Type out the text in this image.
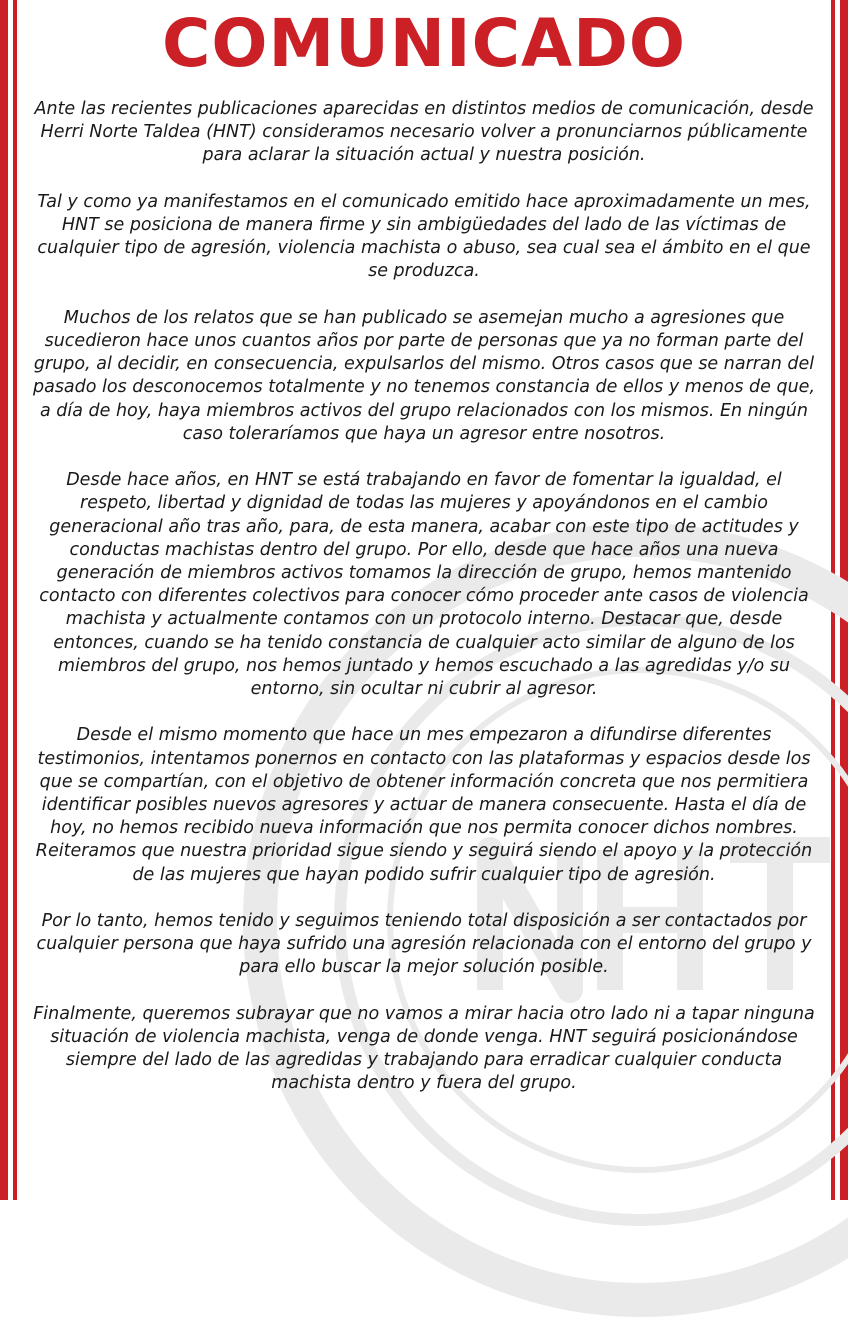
COMUNICADO

Ante las recientes publicaciones aparecidas en distintos medios de comunicación, desde Herri Norte Taldea (HNT) consideramos necesario volver a pronunciarnos públicamente para aclarar la situación actual y nuestra posición.

Tal y como ya manifestamos en el comunicado emitido hace aproximadamente un mes, HNT se posiciona de manera firme y sin ambigüedades del lado de las víctimas de cualquier tipo de agresión, violencia machista o abuso, sea cual sea el ámbito en el que se produzca.

Muchos de los relatos que se han publicado se asemejan mucho a agresiones que sucedieron hace unos cuantos años por parte de personas que ya no forman parte del grupo, al decidir, en consecuencia, expulsarlos del mismo. Otros casos que se narran del pasado los desconocemos totalmente y no tenemos constancia de ellos y menos de que, a día de hoy, haya miembros activos del grupo relacionados con los mismos. En ningún caso toleraríamos que haya un agresor entre nosotros.

Desde hace años, en HNT se está trabajando en favor de fomentar la igualdad, el respeto, libertad y dignidad de todas las mujeres y apoyándonos en el cambio generacional año tras año, para, de esta manera, acabar con este tipo de actitudes y conductas machistas dentro del grupo. Por ello, desde que hace años una nueva generación de miembros activos tomamos la dirección de grupo, hemos mantenido contacto con diferentes colectivos para conocer cómo proceder ante casos de violencia machista y actualmente contamos con un protocolo interno. Destacar que, desde entonces, cuando se ha tenido constancia de cualquier acto similar de alguno de los miembros del grupo, nos hemos juntado y hemos escuchado a las agredidas y/o su entorno, sin ocultar ni cubrir al agresor.

Desde el mismo momento que hace un mes empezaron a difundirse diferentes testimonios, intentamos ponernos en contacto con las plataformas y espacios desde los que se compartían, con el objetivo de obtener información concreta que nos permitiera identificar posibles nuevos agresores y actuar de manera consecuente. Hasta el día de hoy, no hemos recibido nueva información que nos permita conocer dichos nombres. Reiteramos que nuestra prioridad sigue siendo y seguirá siendo el apoyo y la protección de las mujeres que hayan podido sufrir cualquier tipo de agresión.

Por lo tanto, hemos tenido y seguimos teniendo total disposición a ser contactados por cualquier persona que haya sufrido una agresión relacionada con el entorno del grupo y para ello buscar la mejor solución posible.

Finalmente, queremos subrayar que no vamos a mirar hacia otro lado ni a tapar ninguna situación de violencia machista, venga de donde venga. HNT seguirá posicionándose siempre del lado de las agredidas y trabajando para erradicar cualquier conducta machista dentro y fuera del grupo.
